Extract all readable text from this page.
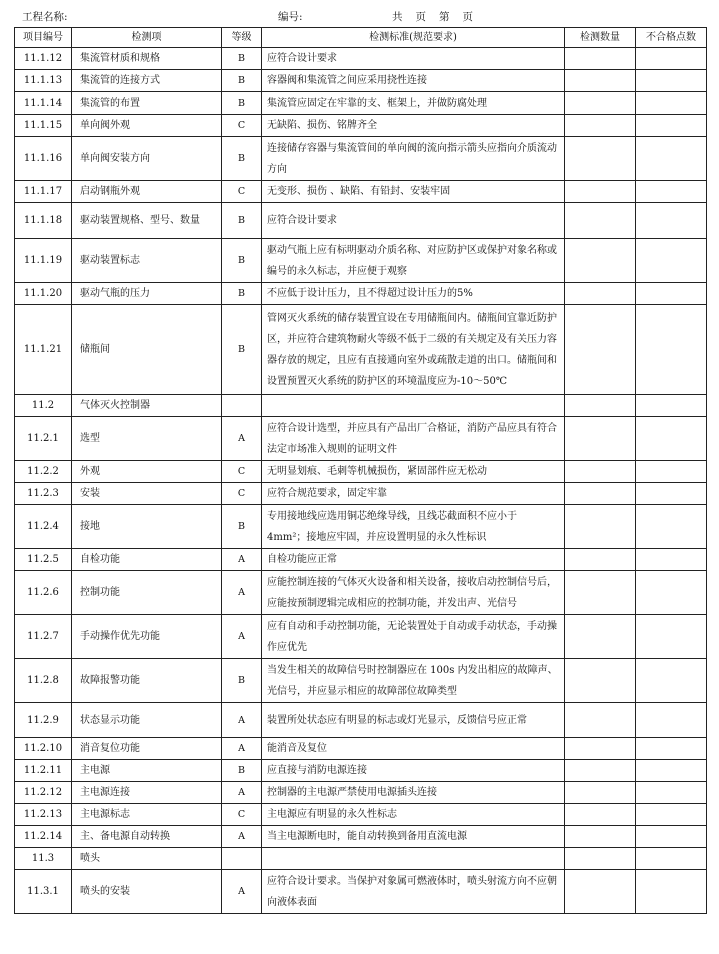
工程名称:	编号:	共 页 第 页
项目编号	检测项	等级	检测标准(规范要求)	检测数量	不合格点数
11.1.12	集流管材质和规格	B	应符合设计要求		
11.1.13	集流管的连接方式	B	容器阀和集流管之间应采用挠性连接		
11.1.14	集流管的布置	B	集流管应固定在牢靠的支、框架上，并做防腐处理		
11.1.15	单向阀外观	C	无缺陷、损伤、铭牌齐全		
11.1.16	单向阀安装方向	B	连接储存容器与集流管间的单向阀的流向指示箭头应指向介质流动方向		
11.1.17	启动钢瓶外观	C	无变形、损伤 、缺陷、有铅封、安装牢固		
11.1.18	驱动装置规格、型号、数量	B	应符合设计要求		
11.1.19	驱动装置标志	B	驱动气瓶上应有标明驱动介质名称、对应防护区或保护对象名称或编号的永久标志，并应便于观察		
11.1.20	驱动气瓶的压力	B	不应低于设计压力，且不得超过设计压力的5%		
11.1.21	储瓶间	B	管网灭火系统的储存装置宜设在专用储瓶间内。储瓶间宜靠近防护区，并应符合建筑物耐火等级不低于二级的有关规定及有关压力容器存放的规定，且应有直接通向室外或疏散走道的出口。储瓶间和设置预置灭火系统的防护区的环境温度应为-10～50℃		
11.2	气体灭火控制器				
11.2.1	选型	A	应符合设计选型，并应具有产品出厂合格证，消防产品应具有符合法定市场准入规则的证明文件		
11.2.2	外观	C	无明显划痕、毛刺等机械损伤，紧固部件应无松动		
11.2.3	安装	C	应符合规范要求，固定牢靠		
11.2.4	接地	B	专用接地线应选用铜芯绝缘导线，且线芯截面积不应小于 4mm²；接地应牢固，并应设置明显的永久性标识		
11.2.5	自检功能	A	自检功能应正常		
11.2.6	控制功能	A	应能控制连接的气体灭火设备和相关设备，接收启动控制信号后，应能按预制逻辑完成相应的控制功能，并发出声、光信号		
11.2.7	手动操作优先功能	A	应有自动和手动控制功能，无论装置处于自动或手动状态，手动操作应优先		
11.2.8	故障报警功能	B	当发生相关的故障信号时控制器应在 100s 内发出相应的故障声、光信号，并应显示相应的故障部位故障类型		
11.2.9	状态显示功能	A	装置所处状态应有明显的标志或灯光显示，反馈信号应正常		
11.2.10	消音复位功能	A	能消音及复位		
11.2.11	主电源	B	应直接与消防电源连接		
11.2.12	主电源连接	A	控制器的主电源严禁使用电源插头连接		
11.2.13	主电源标志	C	主电源应有明显的永久性标志		
11.2.14	主、备电源自动转换	A	当主电源断电时，能自动转换到备用直流电源		
11.3	喷头				
11.3.1	喷头的安装	A	应符合设计要求。当保护对象属可燃液体时，喷头射流方向不应朝向液体表面		
